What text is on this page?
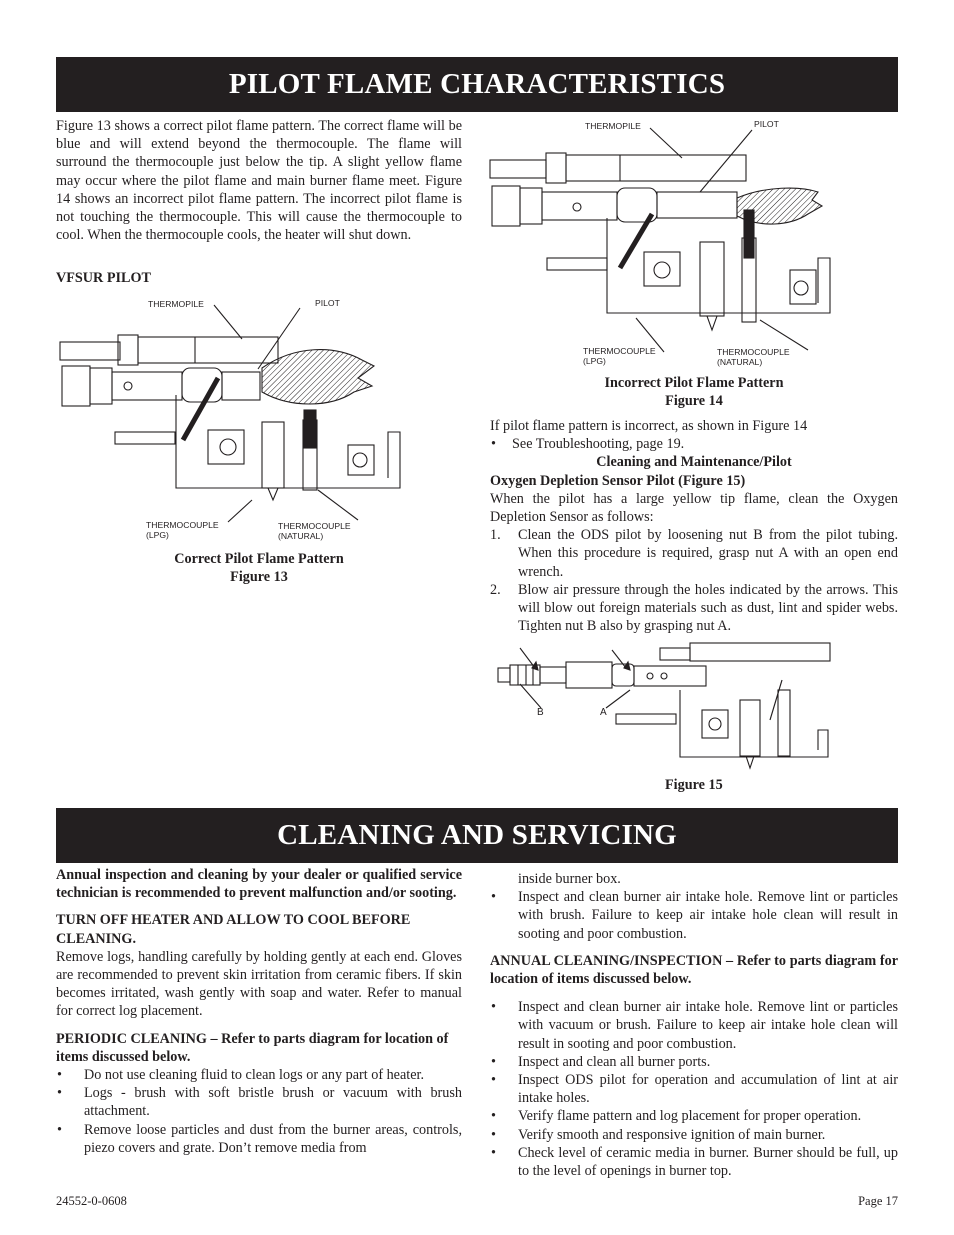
PILOT FLAME CHARACTERISTICS
CLEANING AND SERVICING
Figure 13 shows a correct pilot flame pattern. The correct flame will be blue and will extend beyond the thermocouple. The flame will surround the thermocouple just below the tip. A slight yellow flame may occur where the pilot flame and main burner flame meet. Figure 14 shows an incorrect pilot flame pattern. The incorrect pilot flame is not touching the thermocouple. This will cause the thermocouple to cool. When the thermocouple cools, the heater will shut down.
VFSUR PILOT
THERMOPILE	PILOT
THERMOCOUPLE
(LPG)
THERMOCOUPLE
(NATURAL)
Correct Pilot Flame Pattern
Figure 13
THERMOPILE	PILOT
THERMOCOUPLE
(LPG)
THERMOCOUPLE
(NATURAL)
Incorrect Pilot Flame Pattern
Figure 14

If pilot flame pattern is incorrect, as shown in Figure 14

• See Troubleshooting, page 19.

Cleaning and Maintenance/Pilot

Oxygen Depletion Sensor Pilot (Figure 15)

When the pilot has a large yellow tip flame, clean the Oxygen Depletion Sensor as follows:

1. Clean the ODS pilot by loosening nut B from the pilot tubing. When this procedure is required, grasp nut A with an open end wrench.
2. Blow air pressure through the holes indicated by the arrows. This will blow out foreign materials such as dust, lint and spider webs. Tighten nut B also by grasping nut A.
B	A
Figure 15

Annual inspection and cleaning by your dealer or qualified service technician is recommended to prevent malfunction and/or sooting.

TURN OFF HEATER AND ALLOW TO COOL BEFORE CLEANING.

Remove logs, handling carefully by holding gently at each end. Gloves are recommended to prevent skin irritation from ceramic fibers. If skin becomes irritated, wash gently with soap and water. Refer to manual for correct log placement.

PERIODIC CLEANING – Refer to parts diagram for location of items discussed below.

• Do not use cleaning fluid to clean logs or any part of heater.
• Logs - brush with soft bristle brush or vacuum with brush attachment.
• Remove loose particles and dust from the burner areas, controls, piezo covers and grate. Don’t remove media from

inside burner box.

• Inspect and clean burner air intake hole. Remove lint or particles with brush. Failure to keep air intake hole clean will result in sooting and poor combustion.

ANNUAL CLEANING/INSPECTION – Refer to parts diagram for location of items discussed below.

• Inspect and clean burner air intake hole. Remove lint or particles with vacuum or brush. Failure to keep air intake hole clean will result in sooting and poor combustion.
• Inspect and clean all burner ports.
• Inspect ODS pilot for operation and accumulation of lint at air intake holes.
• Verify flame pattern and log placement for proper operation.
• Verify smooth and responsive ignition of main burner.
• Check level of ceramic media in burner. Burner should be full, up to the level of openings in burner top.
24552-0-0608	Page 17
